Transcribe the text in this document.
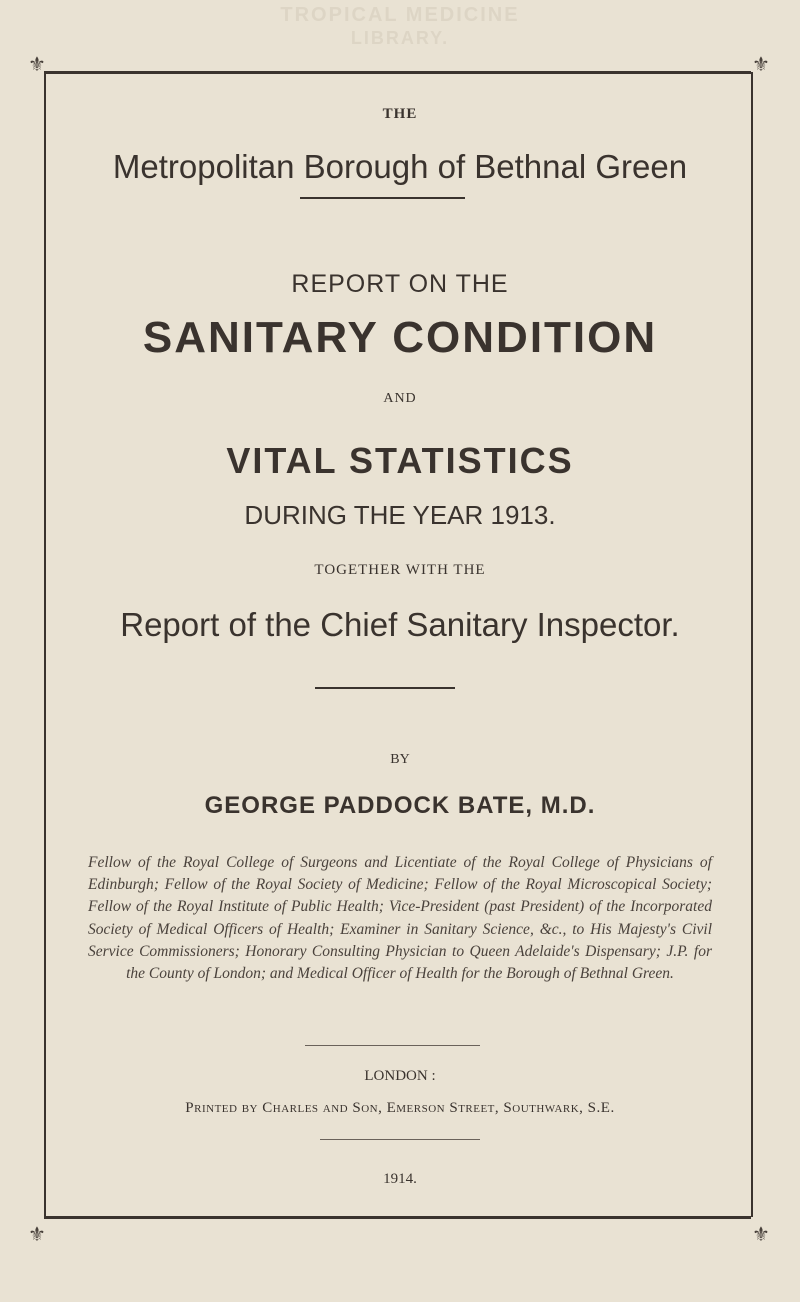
TROPICAL MEDICINE
LIBRARY.
⚜	⚜
⚜	⚜
THE
Metropolitan Borough of Bethnal Green
REPORT ON THE
SANITARY CONDITION
AND
VITAL STATISTICS
DURING THE YEAR 1913.
TOGETHER WITH THE
Report of the Chief Sanitary Inspector.
BY
GEORGE PADDOCK BATE, M.D.
Fellow of the Royal College of Surgeons and Licentiate of the Royal College of Physicians of Edinburgh; Fellow of the Royal Society of Medicine; Fellow of the Royal Microscopical Society; Fellow of the Royal Institute of Public Health; Vice-President (past President) of the Incorporated Society of Medical Officers of Health; Examiner in Sanitary Science, &c., to His Majesty's Civil Service Commissioners; Honorary Consulting Physician to Queen Adelaide's Dispensary; J.P. for the County of London; and Medical Officer of Health for the Borough of Bethnal Green.
LONDON :
Printed by Charles and Son, Emerson Street, Southwark, S.E.
1914.
